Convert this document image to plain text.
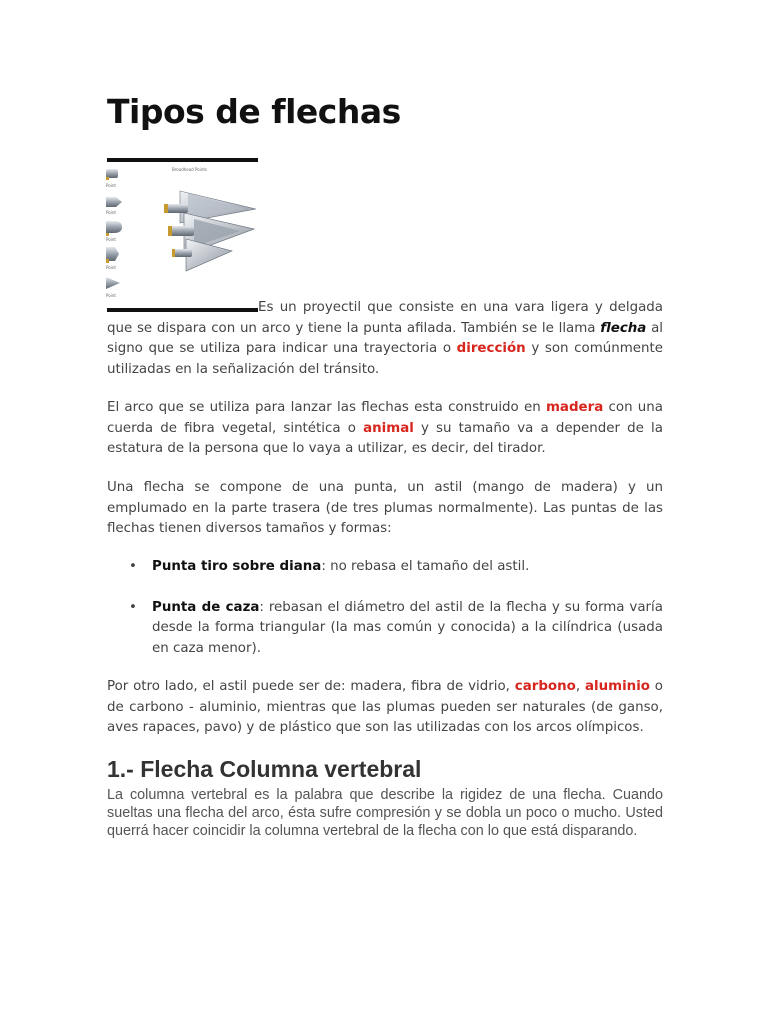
Tipos de flechas
Point
Point
Point
Point
Point
Broadhead Points

Es un proyectil que consiste en una vara ligera y delgada que se dispara con un arco y tiene la punta afilada. También se le llama flecha al signo que se utiliza para indicar una trayectoria o dirección y son comúnmente utilizadas en la señalización del tránsito.

El arco que se utiliza para lanzar las flechas esta construido en madera con una cuerda de fibra vegetal, sintética o animal y su tamaño va a depender de la estatura de la persona que lo vaya a utilizar, es decir, del tirador.

Una flecha se compone de una punta, un astil (mango de madera) y un emplumado en la parte trasera (de tres plumas normalmente). Las puntas de las flechas tienen diversos tamaños y formas:

• Punta tiro sobre diana: no rebasa el tamaño del astil.
• Punta de caza: rebasan el diámetro del astil de la flecha y su forma varía desde la forma triangular (la mas común y conocida) a la cilíndrica (usada en caza menor).

Por otro lado, el astil puede ser de: madera, fibra de vidrio, carbono, aluminio o de carbono - aluminio, mientras que las plumas pueden ser naturales (de ganso, aves rapaces, pavo) y de plástico que son las utilizadas con los arcos olímpicos.

1.- Flecha Columna vertebral

La columna vertebral es la palabra que describe la rigidez de una flecha. Cuando sueltas una flecha del arco, ésta sufre compresión y se dobla un poco o mucho. Usted querrá hacer coincidir la columna vertebral de la flecha con lo que está disparando.
